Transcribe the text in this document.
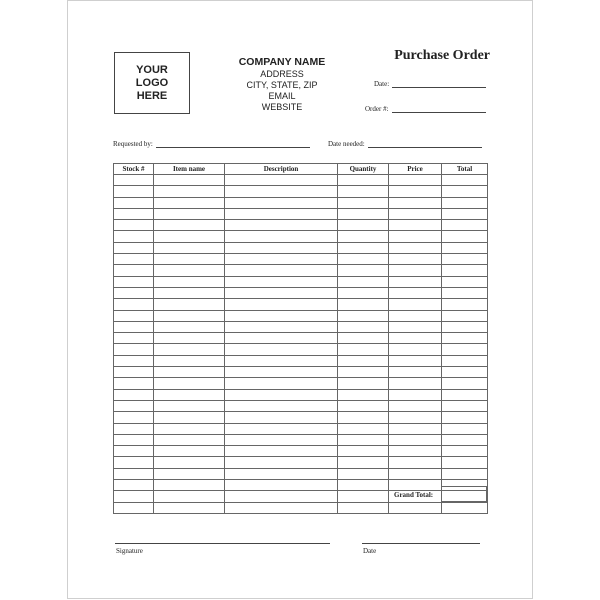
YOUR
LOGO
HERE
COMPANY NAME
ADDRESS
CITY, STATE, ZIP
EMAIL
WEBSITE
Purchase Order
Date:
Order #:
Requested by:	Date needed:
Stock #	Item name	Description	Quantity	Price	Total

Grand Total:
Signature	Date
